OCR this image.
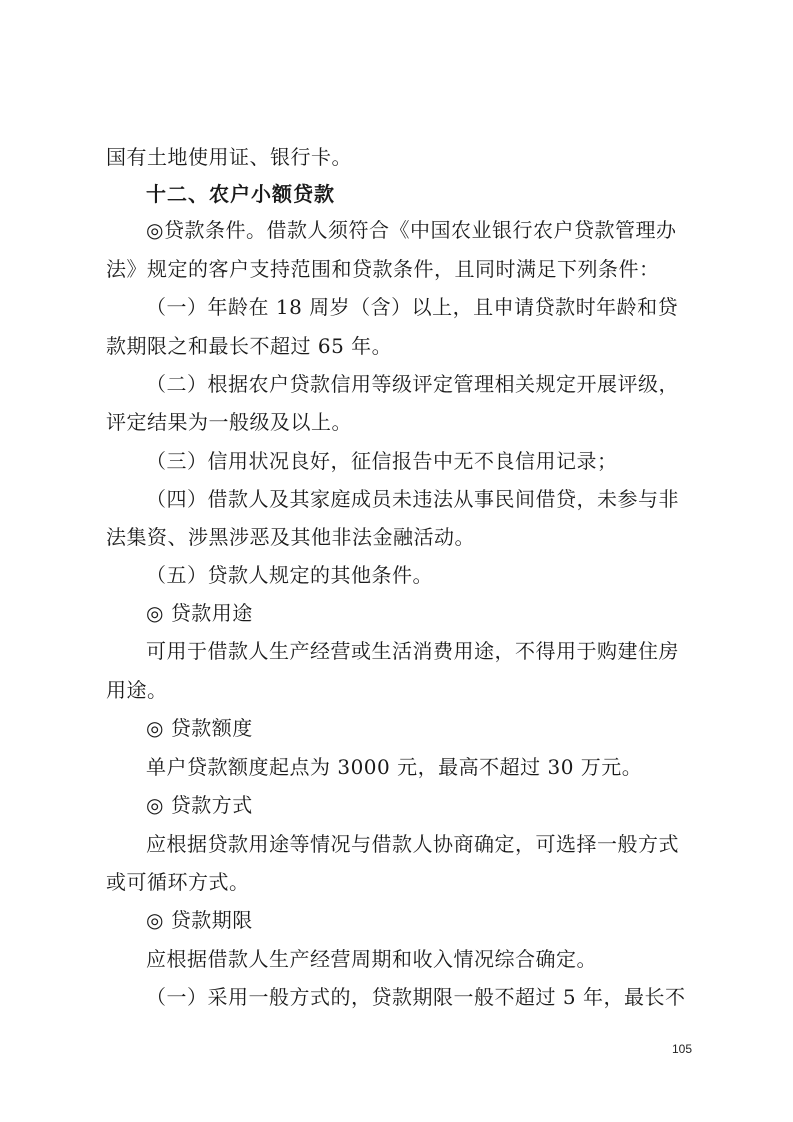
国有土地使用证、银行卡。
十二、农户小额贷款
◎贷款条件。借款人须符合《中国农业银行农户贷款管理办
法》规定的客户支持范围和贷款条件，且同时满足下列条件：
（一）年龄在 18 周岁（含）以上，且申请贷款时年龄和贷
款期限之和最长不超过 65 年。
（二）根据农户贷款信用等级评定管理相关规定开展评级，
评定结果为一般级及以上。
（三）信用状况良好，征信报告中无不良信用记录；
（四）借款人及其家庭成员未违法从事民间借贷，未参与非
法集资、涉黑涉恶及其他非法金融活动。
（五）贷款人规定的其他条件。
◎ 贷款用途
可用于借款人生产经营或生活消费用途，不得用于购建住房
用途。
◎ 贷款额度
单户贷款额度起点为 3000 元，最高不超过 30 万元。
◎ 贷款方式
应根据贷款用途等情况与借款人协商确定，可选择一般方式
或可循环方式。
◎ 贷款期限
应根据借款人生产经营周期和收入情况综合确定。
（一）采用一般方式的，贷款期限一般不超过 5 年，最长不
105
